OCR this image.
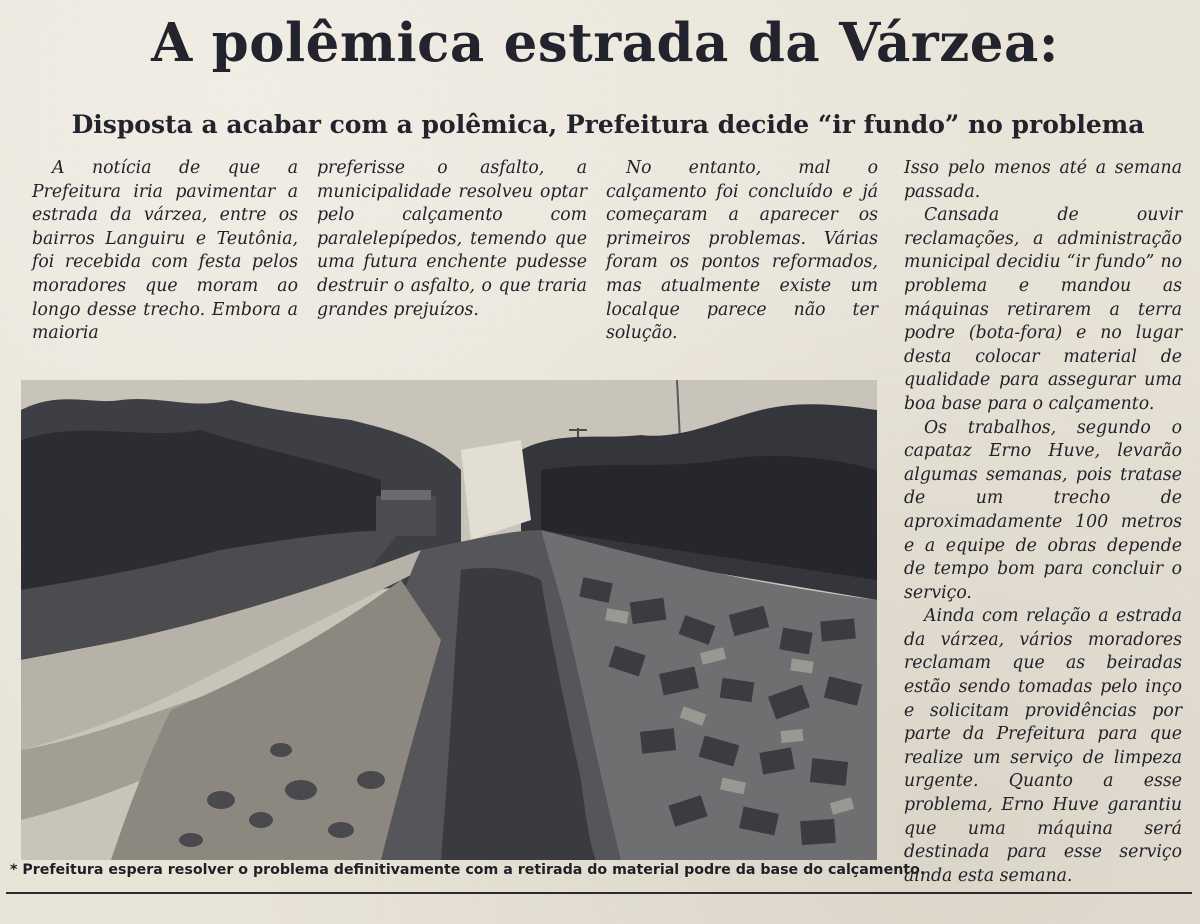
A polêmica estrada da Várzea:
Disposta a acabar com a polêmica, Prefeitura decide “ir fundo” no problema

A notícia de que a Prefeitura iria pavimentar a estrada da várzea, entre os bairros Languiru e Teutônia, foi recebida com festa pelos moradores que moram ao longo desse trecho. Embora a maioria

preferisse o asfalto, a municipalidade resolveu optar pelo calçamento com paralelepípedos, temendo que uma futura enchente pudesse destruir o asfalto, o que traria grandes prejuízos.

No entanto, mal o calçamento foi concluído e já começaram a aparecer os primeiros problemas. Várias foram os pontos reformados, mas atualmente existe um localque parece não ter solução.

Isso pelo menos até a semana passada.

Cansada de ouvir reclamações, a administração municipal decidiu “ir fundo” no problema e mandou as máquinas retirarem a terra podre (bota-fora) e no lugar desta colocar material de qualidade para assegurar uma boa base para o calçamento.

Os trabalhos, segundo o capataz Erno Huve, levarão algumas semanas, pois tratase de um trecho de aproximadamente 100 metros e a equipe de obras depende de tempo bom para concluir o serviço.

Ainda com relação a estrada da várzea, vários moradores reclamam que as beiradas estão sendo tomadas pelo inço e solicitam providências por parte da Prefeitura para que realize um serviço de limpeza urgente. Quanto a esse problema, Erno Huve garantiu que uma máquina será destinada para esse serviço ainda esta semana.

* Prefeitura espera resolver o problema definitivamente com a retirada do material podre da base do calçamento.
